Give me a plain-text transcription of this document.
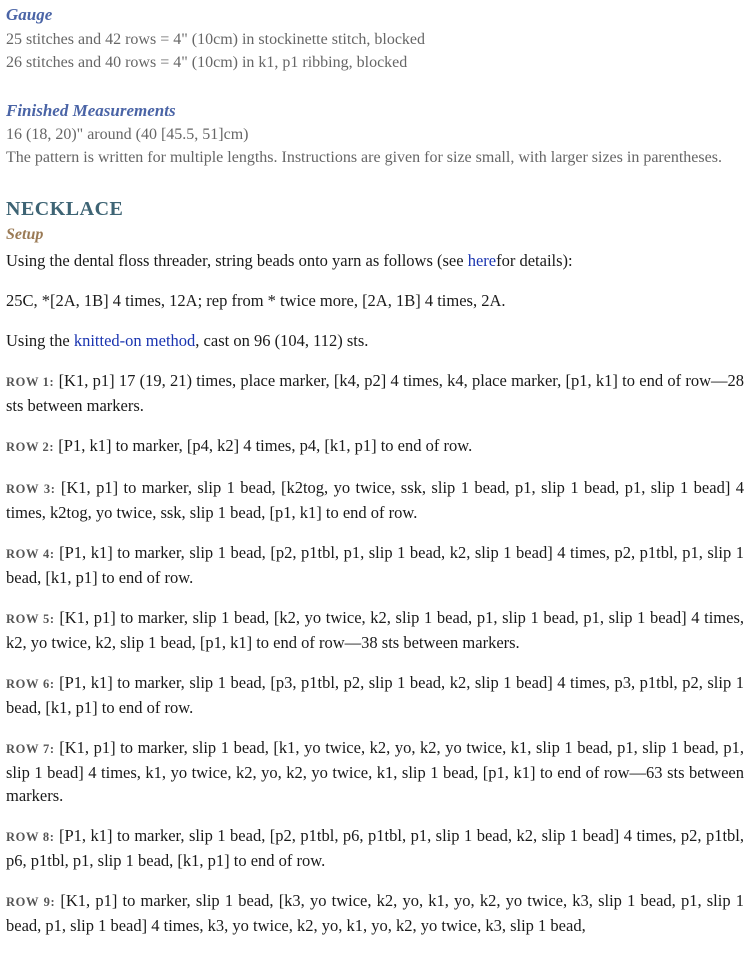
Gauge

25 stitches and 42 rows = 4" (10cm) in stockinette stitch, blocked

26 stitches and 40 rows = 4" (10cm) in k1, p1 ribbing, blocked

Finished Measurements

16 (18, 20)" around (40 [45.5, 51]cm)

The pattern is written for multiple lengths. Instructions are given for size small, with larger sizes in parentheses.

NECKLACE

Setup

Using the dental floss threader, string beads onto yarn as follows (see herefor details):

25C, *[2A, 1B] 4 times, 12A; rep from * twice more, [2A, 1B] 4 times, 2A.

Using the knitted-on method, cast on 96 (104, 112) sts.

ROW 1: [K1, p1] 17 (19, 21) times, place marker, [k4, p2] 4 times, k4, place marker, [p1, k1] to end of row—28 sts between markers.

ROW 2: [P1, k1] to marker, [p4, k2] 4 times, p4, [k1, p1] to end of row.

ROW 3: [K1, p1] to marker, slip 1 bead, [k2tog, yo twice, ssk, slip 1 bead, p1, slip 1 bead, p1, slip 1 bead] 4 times, k2tog, yo twice, ssk, slip 1 bead, [p1, k1] to end of row.

ROW 4: [P1, k1] to marker, slip 1 bead, [p2, p1tbl, p1, slip 1 bead, k2, slip 1 bead] 4 times, p2, p1tbl, p1, slip 1 bead, [k1, p1] to end of row.

ROW 5: [K1, p1] to marker, slip 1 bead, [k2, yo twice, k2, slip 1 bead, p1, slip 1 bead, p1, slip 1 bead] 4 times, k2, yo twice, k2, slip 1 bead, [p1, k1] to end of row—38 sts between markers.

ROW 6: [P1, k1] to marker, slip 1 bead, [p3, p1tbl, p2, slip 1 bead, k2, slip 1 bead] 4 times, p3, p1tbl, p2, slip 1 bead, [k1, p1] to end of row.

ROW 7: [K1, p1] to marker, slip 1 bead, [k1, yo twice, k2, yo, k2, yo twice, k1, slip 1 bead, p1, slip 1 bead, p1, slip 1 bead] 4 times, k1, yo twice, k2, yo, k2, yo twice, k1, slip 1 bead, [p1, k1] to end of row—63 sts between markers.

ROW 8: [P1, k1] to marker, slip 1 bead, [p2, p1tbl, p6, p1tbl, p1, slip 1 bead, k2, slip 1 bead] 4 times, p2, p1tbl, p6, p1tbl, p1, slip 1 bead, [k1, p1] to end of row.

ROW 9: [K1, p1] to marker, slip 1 bead, [k3, yo twice, k2, yo, k1, yo, k2, yo twice, k3, slip 1 bead, p1, slip 1 bead, p1, slip 1 bead] 4 times, k3, yo twice, k2, yo, k1, yo, k2, yo twice, k3, slip 1 bead,
